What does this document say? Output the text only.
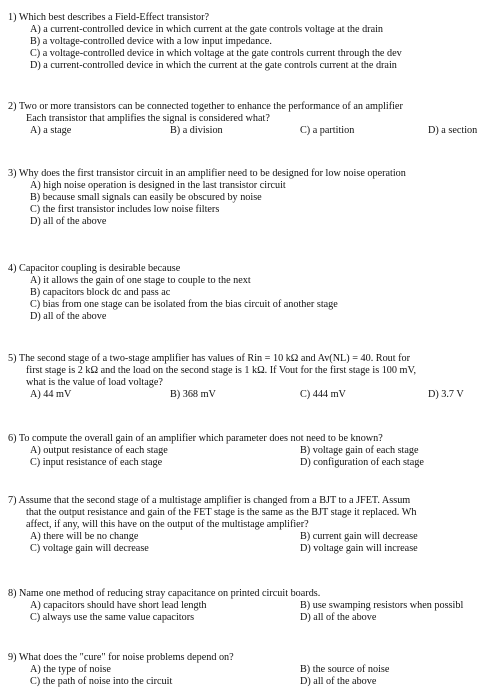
1) Which best describes a Field-Effect transistor?
A) a current-controlled device in which current at the gate controls voltage at the drain
B) a voltage-controlled device with a low input impedance.
C) a voltage-controlled device in which voltage at the gate controls current through the dev
D) a current-controlled device in which the current at the gate controls current at the drain
2) Two or more transistors can be connected together to enhance the performance of an amplifier
Each transistor that amplifies the signal is considered what?
A) a stage	B) a division	C) a partition	D) a section
3) Why does the first transistor circuit in an amplifier need to be designed for low noise operation
A) high noise operation is designed in the last transistor circuit
B) because small signals can easily be obscured by noise
C) the first transistor includes low noise filters
D) all of the above
4) Capacitor coupling is desirable because
A) it allows the gain of one stage to couple to the next
B) capacitors block dc and pass ac
C) bias from one stage can be isolated from the bias circuit of another stage
D) all of the above
5) The second stage of a two-stage amplifier has values of Rin = 10 kΩ and Av(NL) = 40. Rout for
first stage is 2 kΩ and the load on the second stage is 1 kΩ. If Vout for the first stage is 100 mV,
what is the value of load voltage?
A) 44 mV	B) 368 mV	C) 444 mV	D) 3.7 V
6) To compute the overall gain of an amplifier which parameter does not need to be known?
A) output resistance of each stage	B) voltage gain of each stage
C) input resistance of each stage	D) configuration of each stage
7) Assume that the second stage of a multistage amplifier is changed from a BJT to a JFET. Assum
that the output resistance and gain of the FET stage is the same as the BJT stage it replaced. Wh
affect, if any, will this have on the output of the multistage amplifier?
A) there will be no change	B) current gain will decrease
C) voltage gain will decrease	D) voltage gain will increase
8) Name one method of reducing stray capacitance on printed circuit boards.
A) capacitors should have short lead length	B) use swamping resistors when possibl
C) always use the same value capacitors	D) all of the above
9) What does the "cure" for noise problems depend on?
A) the type of noise	B) the source of noise
C) the path of noise into the circuit	D) all of the above
